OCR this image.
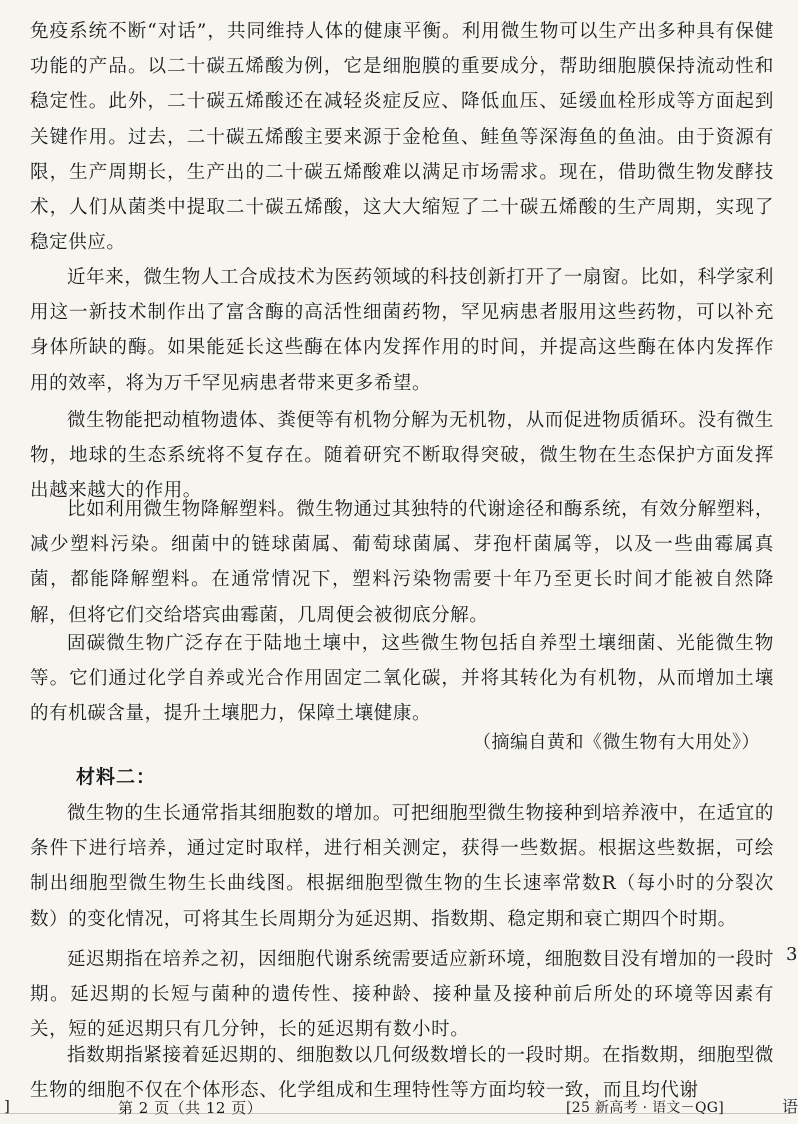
免疫系统不断“对话”，共同维持人体的健康平衡。利用微生物可以生产出多种具有保健功能的产品。以二十碳五烯酸为例，它是细胞膜的重要成分，帮助细胞膜保持流动性和稳定性。此外，二十碳五烯酸还在减轻炎症反应、降低血压、延缓血栓形成等方面起到关键作用。过去，二十碳五烯酸主要来源于金枪鱼、鲑鱼等深海鱼的鱼油。由于资源有限，生产周期长，生产出的二十碳五烯酸难以满足市场需求。现在，借助微生物发酵技术，人们从菌类中提取二十碳五烯酸，这大大缩短了二十碳五烯酸的生产周期，实现了稳定供应。

近年来，微生物人工合成技术为医药领域的科技创新打开了一扇窗。比如，科学家利用这一新技术制作出了富含酶的高活性细菌药物，罕见病患者服用这些药物，可以补充身体所缺的酶。如果能延长这些酶在体内发挥作用的时间，并提高这些酶在体内发挥作用的效率，将为万千罕见病患者带来更多希望。

微生物能把动植物遗体、粪便等有机物分解为无机物，从而促进物质循环。没有微生物，地球的生态系统将不复存在。随着研究不断取得突破，微生物在生态保护方面发挥出越来越大的作用。

比如利用微生物降解塑料。微生物通过其独特的代谢途径和酶系统，有效分解塑料，减少塑料污染。细菌中的链球菌属、葡萄球菌属、芽孢杆菌属等，以及一些曲霉属真菌，都能降解塑料。在通常情况下，塑料污染物需要十年乃至更长时间才能被自然降解，但将它们交给塔宾曲霉菌，几周便会被彻底分解。

固碳微生物广泛存在于陆地土壤中，这些微生物包括自养型土壤细菌、光能微生物等。它们通过化学自养或光合作用固定二氧化碳，并将其转化为有机物，从而增加土壤的有机碳含量，提升土壤肥力，保障土壤健康。

（摘编自黄和《微生物有大用处》）
材料二：

微生物的生长通常指其细胞数的增加。可把细胞型微生物接种到培养液中，在适宜的条件下进行培养，通过定时取样，进行相关测定，获得一些数据。根据这些数据，可绘制出细胞型微生物生长曲线图。根据细胞型微生物的生长速率常数R（每小时的分裂次数）的变化情况，可将其生长周期分为延迟期、指数期、稳定期和衰亡期四个时期。

延迟期指在培养之初，因细胞代谢系统需要适应新环境，细胞数目没有增加的一段时期。延迟期的长短与菌种的遗传性、接种龄、接种量及接种前后所处的环境等因素有关，短的延迟期只有几分钟，长的延迟期有数小时。

指数期指紧接着延迟期的、细胞数以几何级数增长的一段时期。在指数期，细胞型微生物的细胞不仅在个体形态、化学组成和生理特性等方面均较一致，而且均代谢

3
]	第 2 页（共 12 页）	[25 新高考 · 语文－QG]	语
